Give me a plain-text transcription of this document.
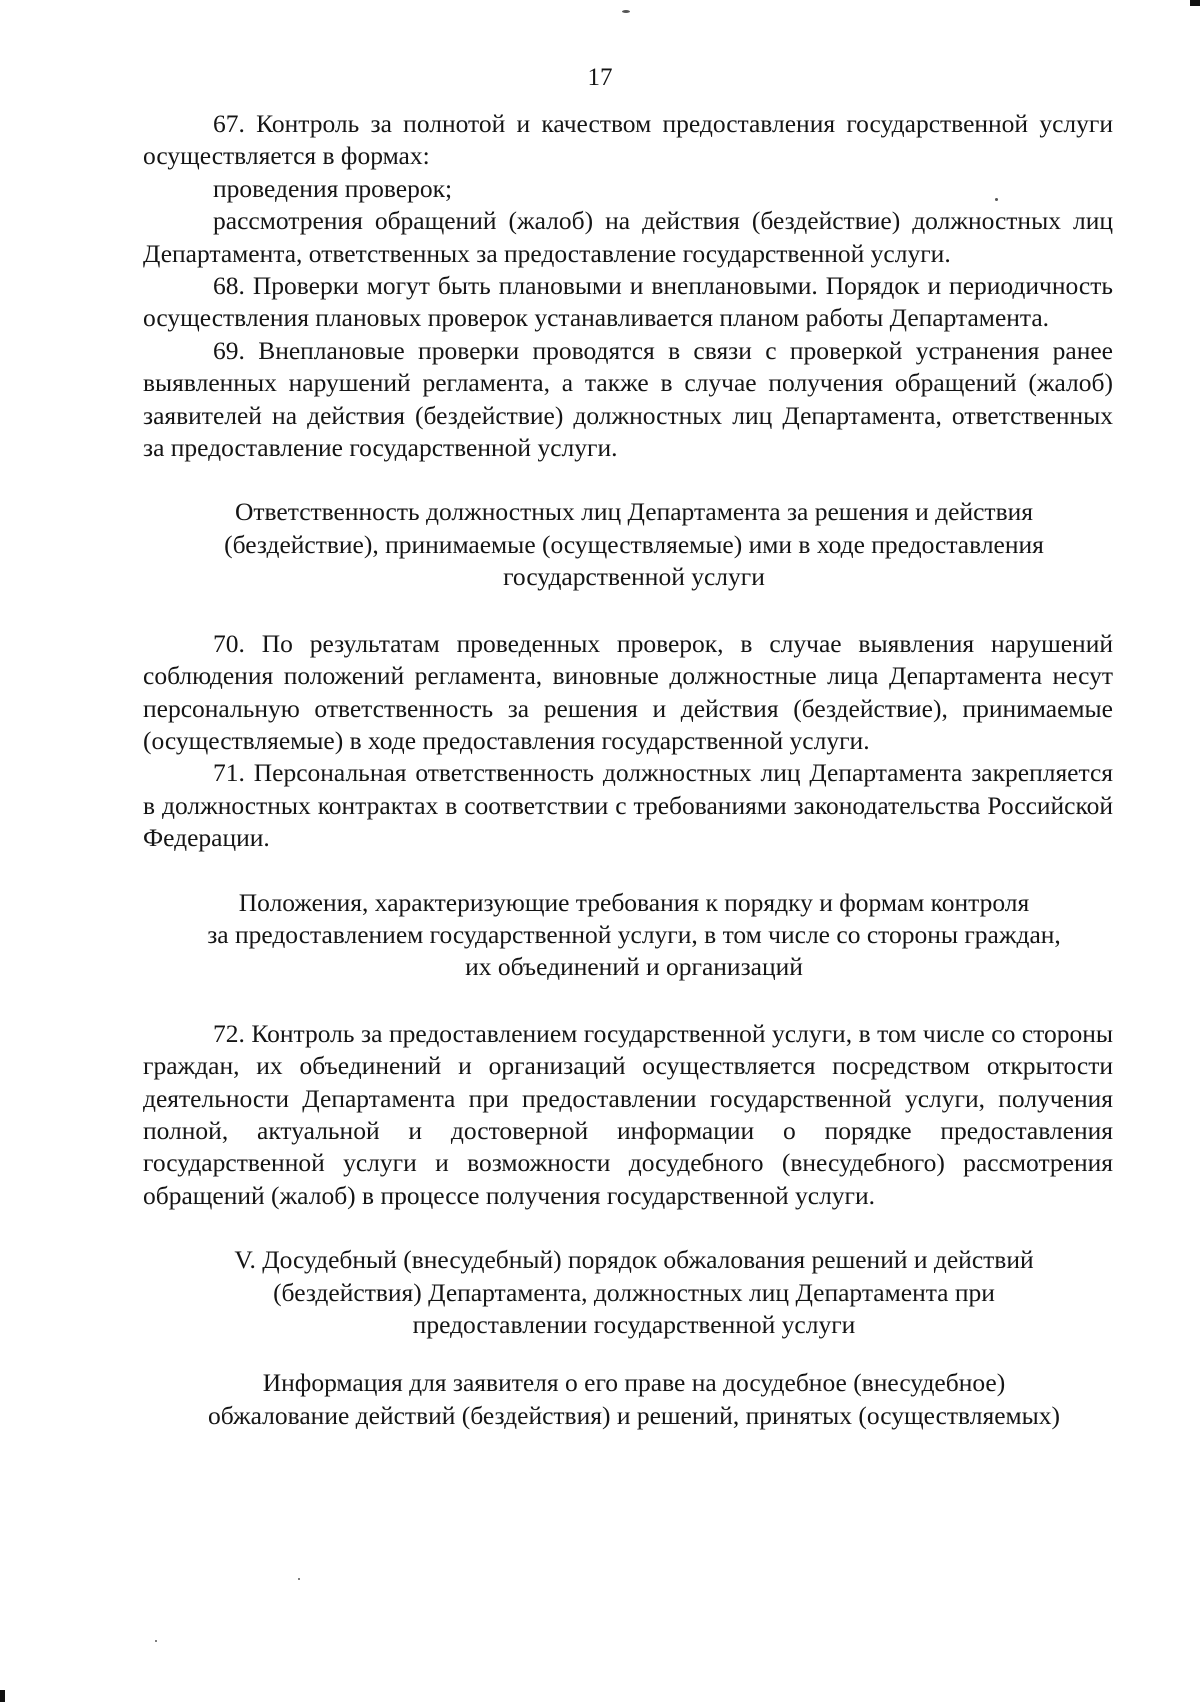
17

67. Контроль за полнотой и качеством предоставления государственной услуги осуществляется в формах:

проведения проверок;

рассмотрения обращений (жалоб) на действия (бездействие) должностных лиц Департамента, ответственных за предоставление государственной услуги.

68. Проверки могут быть плановыми и внеплановыми. Порядок и периодичность осуществления плановых проверок устанавливается планом работы Департамента.

69. Внеплановые проверки проводятся в связи с проверкой устранения ранее выявленных нарушений регламента, а также в случае получения обращений (жалоб) заявителей на действия (бездействие) должностных лиц Департамента, ответственных за предоставление государственной услуги.

Ответственность должностных лиц Департамента за решения и действия
(бездействие), принимаемые (осуществляемые) ими в ходе предоставления
государственной услуги

70. По результатам проведенных проверок, в случае выявления нарушений соблюдения положений регламента, виновные должностные лица Департамента несут персональную ответственность за решения и действия (бездействие), принимаемые (осуществляемые) в ходе предоставления государственной услуги.

71. Персональная ответственность должностных лиц Департамента закрепляется в должностных контрактах в соответствии с требованиями законодательства Российской Федерации.

Положения, характеризующие требования к порядку и формам контроля
за предоставлением государственной услуги, в том числе со стороны граждан,
их объединений и организаций

72. Контроль за предоставлением государственной услуги, в том числе со стороны граждан, их объединений и организаций осуществляется посредством открытости деятельности Департамента при предоставлении государственной услуги, получения полной, актуальной и достоверной информации о порядке предоставления государственной услуги и возможности досудебного (внесудебного) рассмотрения обращений (жалоб) в процессе получения государственной услуги.

V. Досудебный (внесудебный) порядок обжалования решений и действий
(бездействия) Департамента, должностных лиц Департамента при
предоставлении государственной услуги
Информация для заявителя о его праве на досудебное (внесудебное)
обжалование действий (бездействия) и решений, принятых (осуществляемых)
